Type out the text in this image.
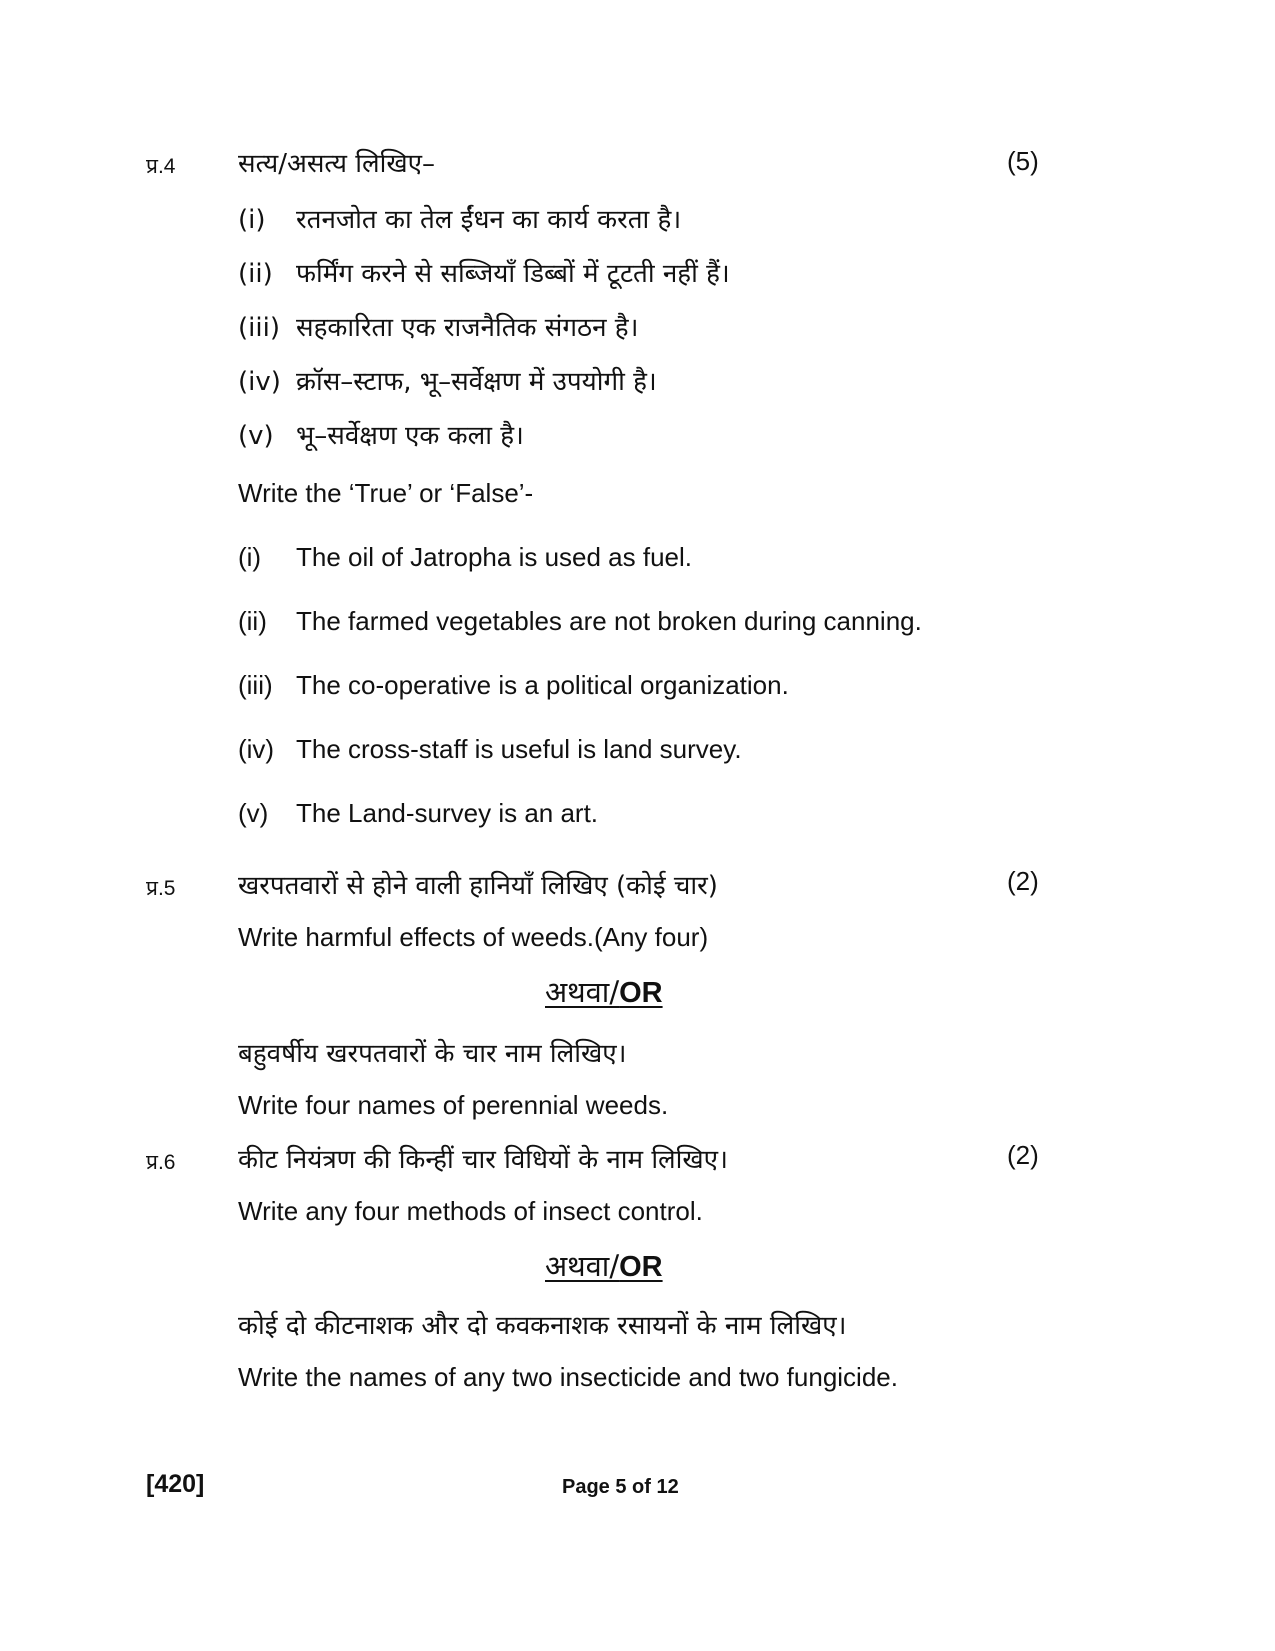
प्र.4 सत्य/असत्य लिखिए–	(5)
(i) रतनजोत का तेल ईंधन का कार्य करता है।
(ii) फर्मिंग करने से सब्जियाँ डिब्बों में टूटती नहीं हैं।
(iii) सहकारिता एक राजनैतिक संगठन है।
(iv) क्रॉस–स्टाफ, भू–सर्वेक्षण में उपयोगी है।
(v) भू–सर्वेक्षण एक कला है।
Write the ‘True’ or ‘False’-
(i) The oil of Jatropha is used as fuel.
(ii) The farmed vegetables are not broken during canning.
(iii) The co-operative is a political organization.
(iv) The cross-staff is useful is land survey.
(v) The Land-survey is an art.
प्र.5 खरपतवारों से होने वाली हानियाँ लिखिए (कोई चार)	(2)
Write harmful effects of weeds.(Any four)
अथवा/OR
बहुवर्षीय खरपतवारों के चार नाम लिखिए।
Write four names of perennial weeds.
प्र.6 कीट नियंत्रण की किन्हीं चार विधियों के नाम लिखिए।	(2)
Write any four methods of insect control.
अथवा/OR
कोई दो कीटनाशक और दो कवकनाशक रसायनों के नाम लिखिए।
Write the names of any two insecticide and two fungicide.
[420]	Page 5 of 12
